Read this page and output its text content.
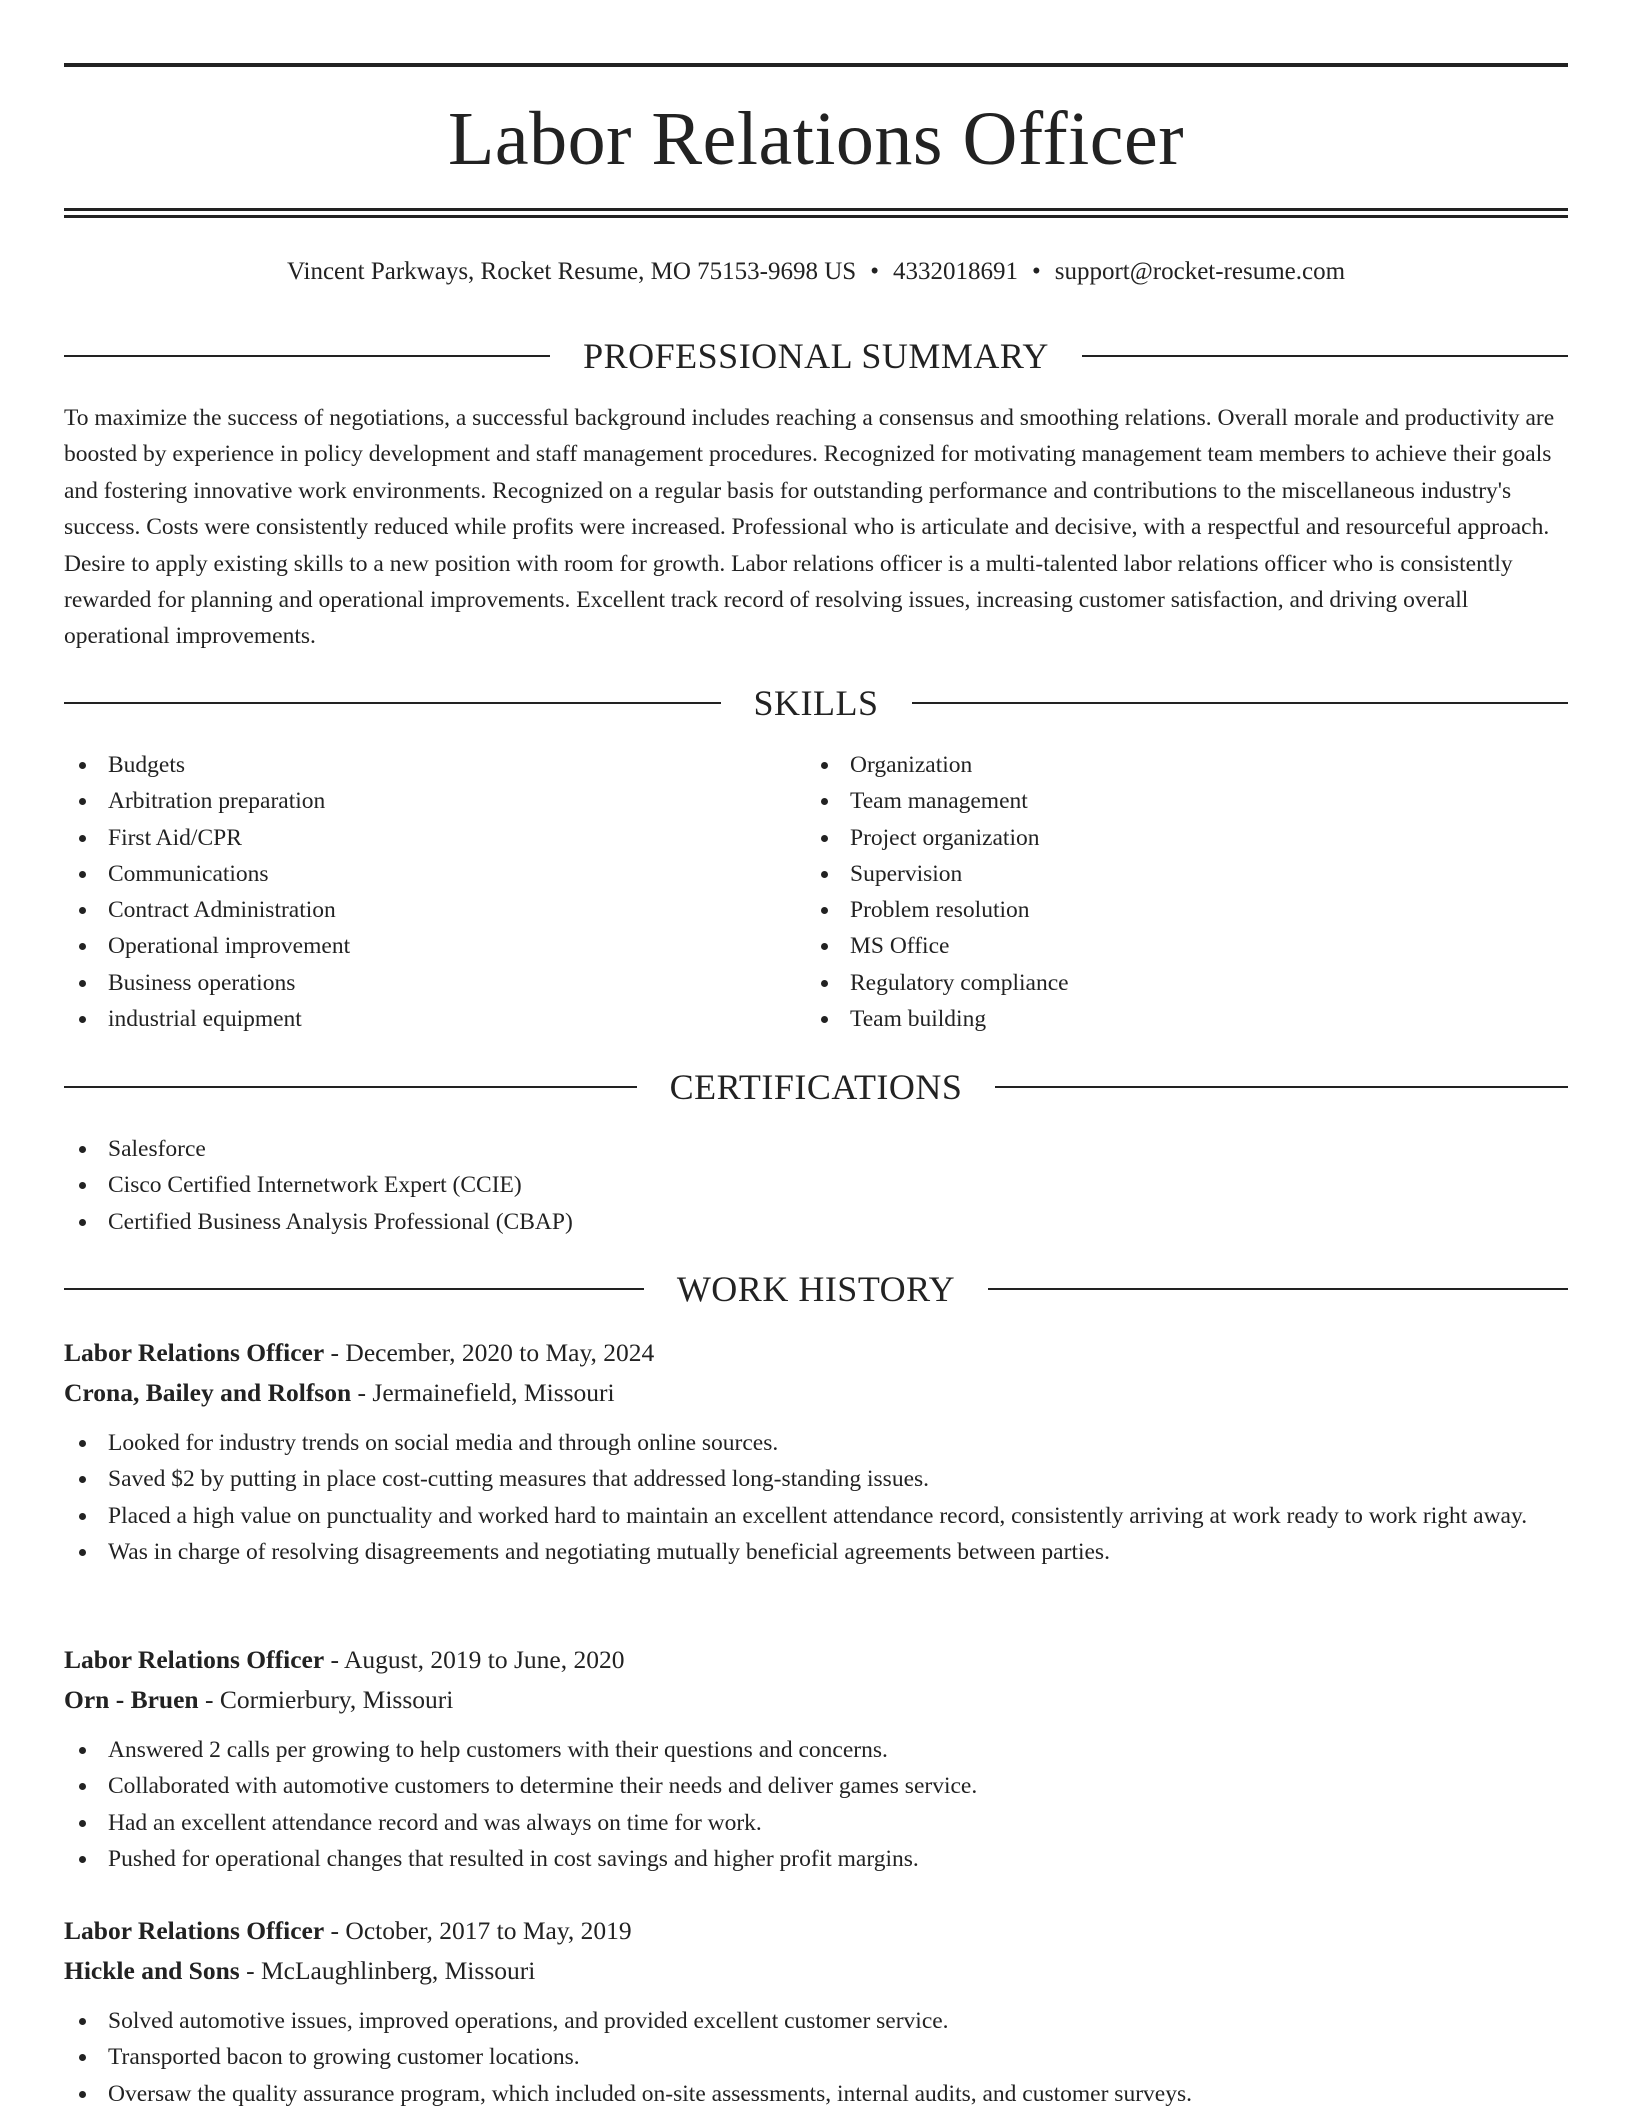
Labor Relations Officer
Vincent Parkways, Rocket Resume, MO 75153-9698 US • 4332018691 • support@rocket-resume.com
PROFESSIONAL SUMMARY

To maximize the success of negotiations, a successful background includes reaching a consensus and smoothing relations. Overall morale and productivity are boosted by experience in policy development and staff management procedures. Recognized for motivating management team members to achieve their goals and fostering innovative work environments. Recognized on a regular basis for outstanding performance and contributions to the miscellaneous industry's success. Costs were consistently reduced while profits were increased. Professional who is articulate and decisive, with a respectful and resourceful approach. Desire to apply existing skills to a new position with room for growth. Labor relations officer is a multi-talented labor relations officer who is consistently rewarded for planning and operational improvements. Excellent track record of resolving issues, increasing customer satisfaction, and driving overall operational improvements.

SKILLS
Budgets
Arbitration preparation
First Aid/CPR
Communications
Contract Administration
Operational improvement
Business operations
industrial equipment
Organization
Team management
Project organization
Supervision
Problem resolution
MS Office
Regulatory compliance
Team building
CERTIFICATIONS
Salesforce
Cisco Certified Internetwork Expert (CCIE)
Certified Business Analysis Professional (CBAP)
WORK HISTORY

Labor Relations Officer - December, 2020 to May, 2024

Crona, Bailey and Rolfson - Jermainefield, Missouri

Looked for industry trends on social media and through online sources.
Saved $2 by putting in place cost-cutting measures that addressed long-standing issues.
Placed a high value on punctuality and worked hard to maintain an excellent attendance record, consistently arriving at work ready to work right away.
Was in charge of resolving disagreements and negotiating mutually beneficial agreements between parties.

Labor Relations Officer - August, 2019 to June, 2020

Orn - Bruen - Cormierbury, Missouri

Answered 2 calls per growing to help customers with their questions and concerns.
Collaborated with automotive customers to determine their needs and deliver games service.
Had an excellent attendance record and was always on time for work.
Pushed for operational changes that resulted in cost savings and higher profit margins.

Labor Relations Officer - October, 2017 to May, 2019

Hickle and Sons - McLaughlinberg, Missouri

Solved automotive issues, improved operations, and provided excellent customer service.
Transported bacon to growing customer locations.
Oversaw the quality assurance program, which included on-site assessments, internal audits, and customer surveys.
